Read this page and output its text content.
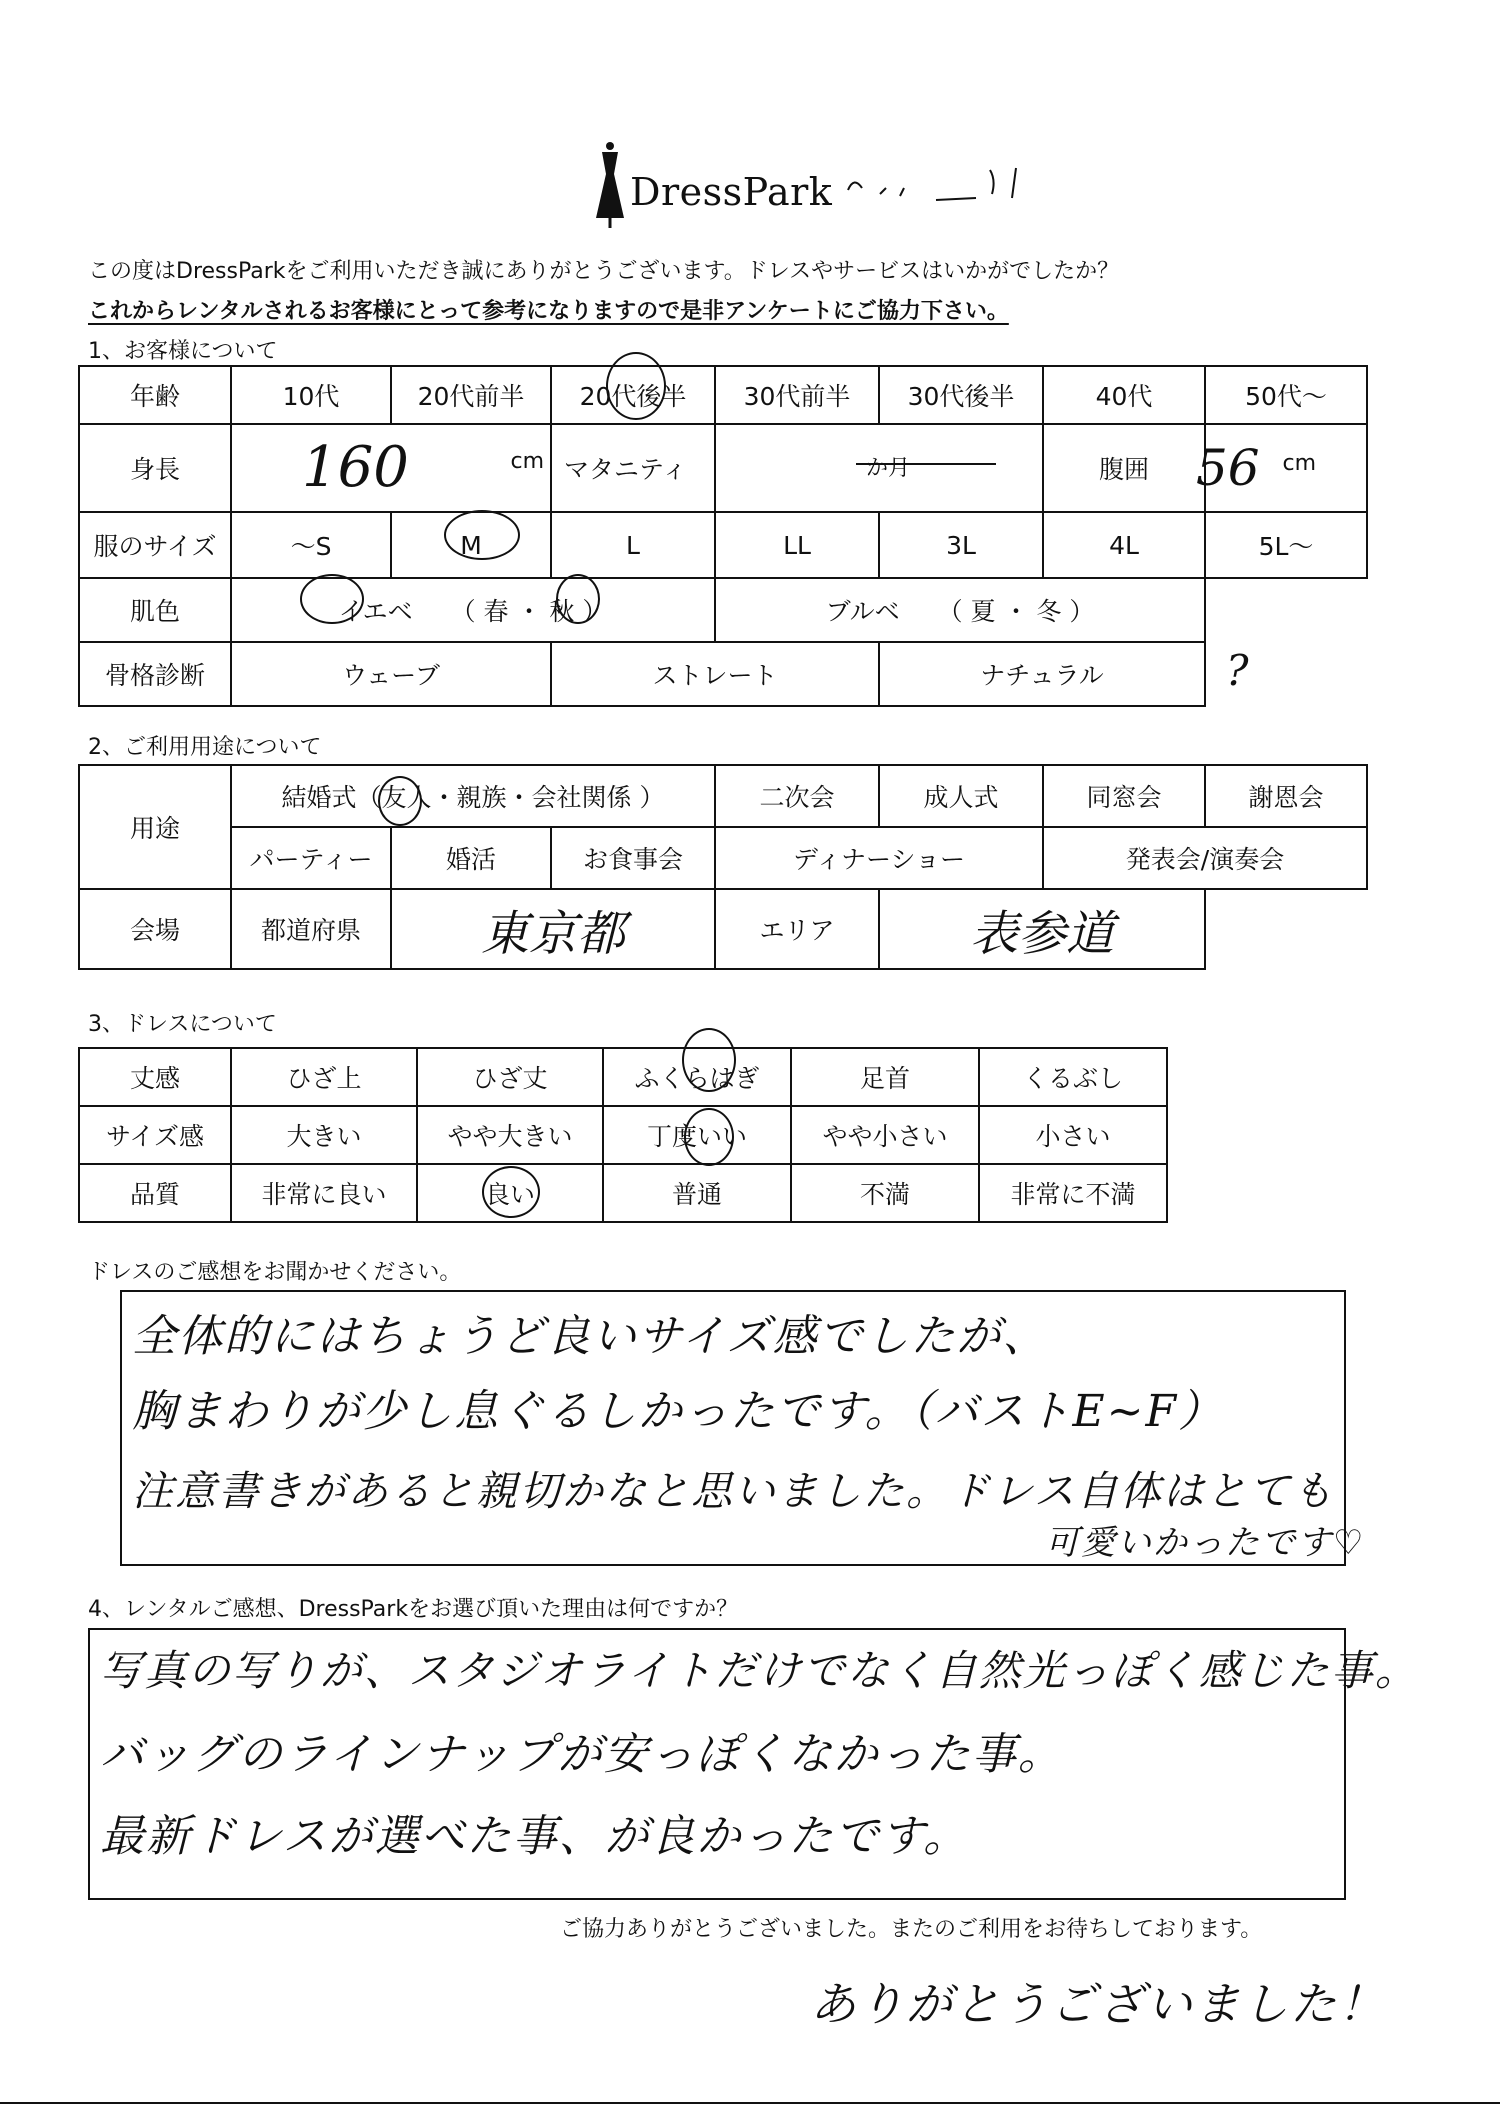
DressPark
この度はDressParkをご利用いただき誠にありがとうございます。ドレスやサービスはいかがでしたか？
これからレンタルされるお客様にとって参考になりますので是非アンケートにご協力下さい。
1、お客様について
年齢	10代	20代前半	20代後半	30代前半	30代後半	40代	50代～
身長	160 cm		マタニティ	か月		腹囲	56 cm

服のサイズ	～S	M	L	LL	3L	4L	5L～
肌色	イエベ （ 春 ・ 秋 ）			ブルベ （ 夏 ・ 冬 ）			
骨格診断	ウェーブ		ストレート		ナチュラル		?
2、ご利用用途について
用途	結婚式（友人・親族・会社関係 ）			二次会	成人式	同窓会	謝恩会
	パーティー	婚活	お食事会	ディナーショー		発表会/演奏会	
会場	都道府県	東京都		エリア	表参道		
3、ドレスについて
丈感	ひざ上	ひざ丈	ふくらはぎ	足首	くるぶし
サイズ感	大きい	やや大きい	丁度いい	やや小さい	小さい
品質	非常に良い	良い	普通	不満	非常に不満
ドレスのご感想をお聞かせください。
全体的にはちょうど良いサイズ感でしたが、
胸まわりが少し息ぐるしかったです。（バストE~F）
注意書きがあると親切かなと思いました。ドレス自体はとても
可愛いかったです♡
4、レンタルご感想、DressParkをお選び頂いた理由は何ですか？
写真の写りが、スタジオライトだけでなく自然光っぽく感じた事。
バッグのラインナップが安っぽくなかった事。
最新ドレスが選べた事、が良かったです。
ご協力ありがとうございました。またのご利用をお待ちしております。
ありがとうございました！
